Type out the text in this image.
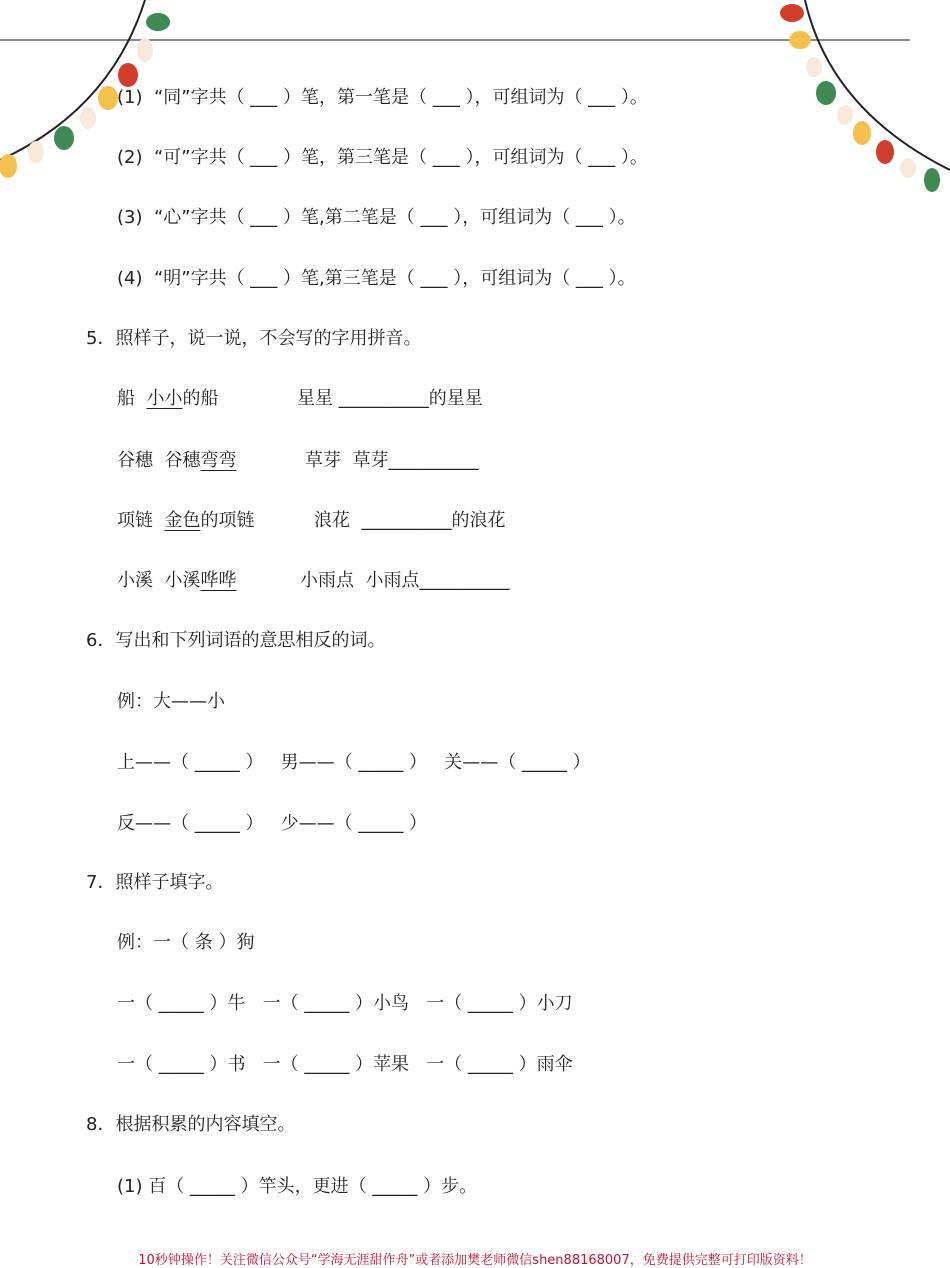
(1)  “同”字共（ ___ ）笔，第一笔是（ ___ ），可组词为（ ___ ）。
(2)  “可”字共（ ___ ）笔，第三笔是（ ___ ），可组词为（ ___ ）。
(3)  “心”字共（ ___ ）笔,第二笔是（ ___ ），可组词为（ ___ ）。
(4)  “明”字共（ ___ ）笔,第三笔是（ ___ ），可组词为（ ___ ）。
5．照样子，说一说，不会写的字用拼音。
船  小小的船	星星 __________的星星
谷穗  谷穗弯弯	草芽  草芽__________
项链  金色的项链	浪花  __________的浪花
小溪  小溪哗哗	小雨点  小雨点__________
6．写出和下列词语的意思相反的词。
例：大——小
上——（ _____ ）   男——（ _____ ）   关——（ _____ ）
反——（ _____ ）   少——（ _____ ）
7．照样子填字。
例：一（ 条 ）狗
一（ _____ ）牛   一（ _____ ）小鸟   一（ _____ ）小刀
一（ _____ ）书   一（ _____ ）苹果   一（ _____ ）雨伞
8．根据积累的内容填空。
(1) 百（ _____ ）竿头，更进（ _____ ）步。
10秒钟操作！关注微信公众号“学海无涯甜作舟”或者添加樊老师微信shen88168007，免费提供完整可打印版资料！
